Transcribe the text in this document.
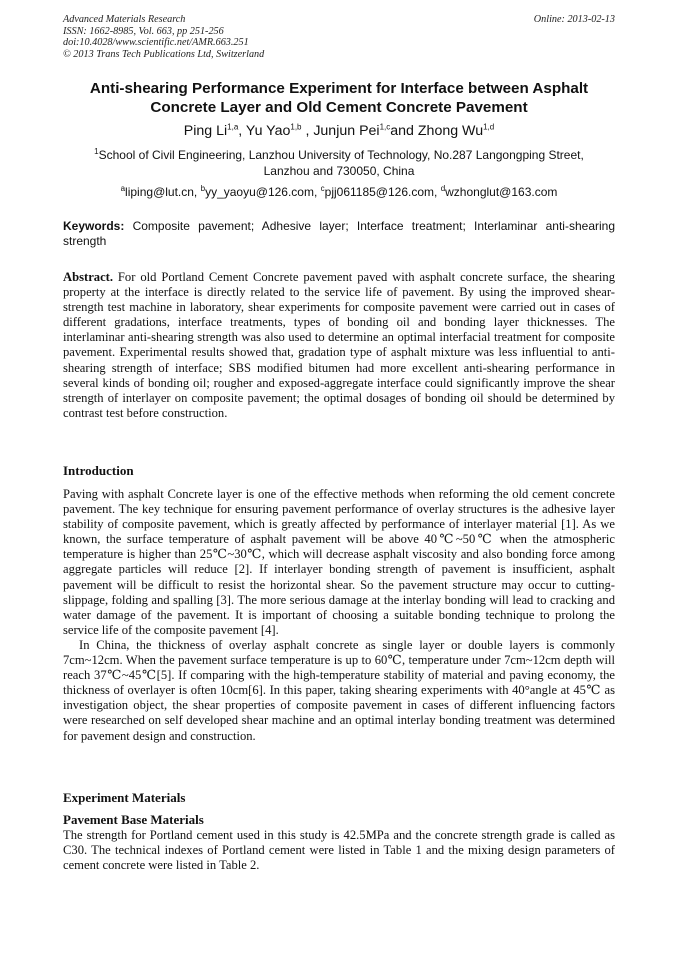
Advanced Materials Research
ISSN: 1662-8985, Vol. 663, pp 251-256
doi:10.4028/www.scientific.net/AMR.663.251
© 2013 Trans Tech Publications Ltd, Switzerland
Online: 2013-02-13
Anti-shearing Performance Experiment for Interface between Asphalt
Concrete Layer and Old Cement Concrete Pavement
Ping Li$^{1,a}$, Yu Yao$^{1,b}$ , Junjun Pei$^{1,c}$and Zhong Wu$^{1,d}$
$^1$School of Civil Engineering, Lanzhou University of Technology, No.287 Langongping Street,
Lanzhou and 730050, China
$^a$liping@lut.cn, $^b$yy_yaoyu@126.com, $^c$pjj061185@126.com, $^d$wzhonglut@163.com
Keywords: Composite pavement; Adhesive layer; Interface treatment; Interlaminar anti-shearing strength

Abstract. For old Portland Cement Concrete pavement paved with asphalt concrete surface, the shearing property at the interface is directly related to the service life of pavement. By using the improved shear-strength test machine in laboratory, shear experiments for composite pavement were carried out in cases of different gradations, interface treatments, types of bonding oil and bonding layer thicknesses. The interlaminar anti-shearing strength was also used to determine an optimal interfacial treatment for composite pavement. Experimental results showed that, gradation type of asphalt mixture was less influential to anti-shearing strength of interface; SBS modified bitumen had more excellent anti-shearing performance in several kinds of bonding oil; rougher and exposed-aggregate interface could significantly improve the shear strength of interlayer on composite pavement; the optimal dosages of bonding oil should be determined by contrast test before construction.

Introduction

Paving with asphalt Concrete layer is one of the effective methods when reforming the old cement concrete pavement. The key technique for ensuring pavement performance of overlay structures is the adhesive layer stability of composite pavement, which is greatly affected by performance of interlayer material [1]. As we known, the surface temperature of asphalt pavement will be above 40℃~50℃ when the atmospheric temperature is higher than 25℃~30℃, which will decrease asphalt viscosity and also bonding force among aggregate particles will reduce [2]. If interlayer bonding strength of pavement is insufficient, asphalt pavement will be difficult to resist the horizontal shear. So the pavement structure may occur to cutting-slippage, folding and spalling [3]. The more serious damage at the interlay bonding will lead to cracking and water damage of the pavement. It is important of choosing a suitable bonding technique to prolong the service life of the composite pavement [4].

In China, the thickness of overlay asphalt concrete as single layer or double layers is commonly 7cm~12cm. When the pavement surface temperature is up to 60℃, temperature under 7cm~12cm depth will reach 37℃~45℃[5]. If comparing with the high-temperature stability of material and paving economy, the thickness of overlayer is often 10cm[6]. In this paper, taking shearing experiments with 40°angle at 45℃ as investigation object, the shear properties of composite pavement in cases of different influencing factors were researched on self developed shear machine and an optimal interlay bonding treatment was determined for pavement design and construction.

Experiment Materials
Pavement Base Materials

The strength for Portland cement used in this study is 42.5MPa and the concrete strength grade is called as C30. The technical indexes of Portland cement were listed in Table 1 and the mixing design parameters of cement concrete were listed in Table 2.
